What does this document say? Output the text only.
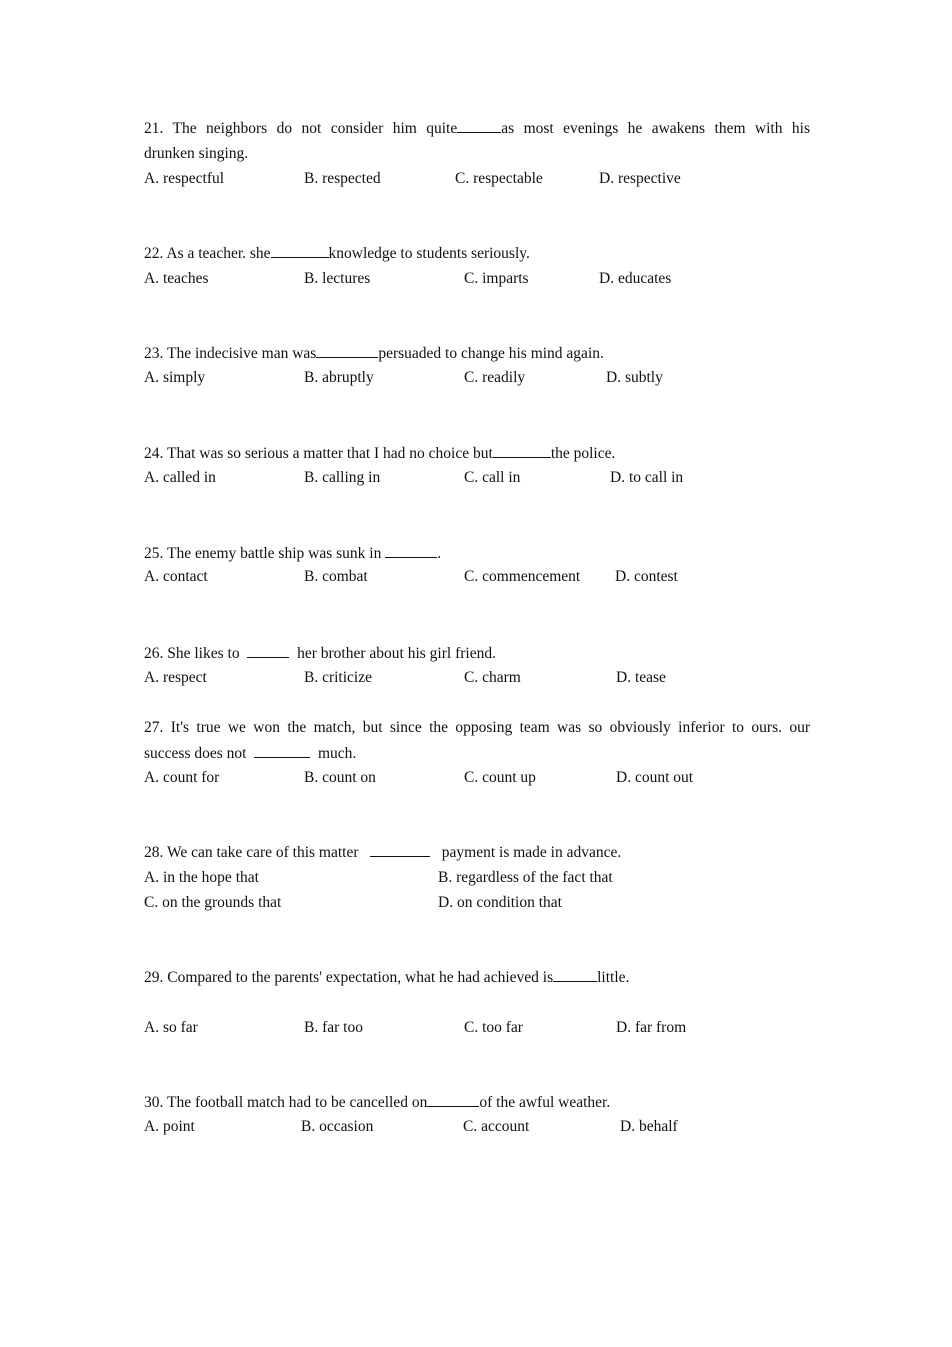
21. The neighbors do not consider him quite	as most evenings he awakens them with his
drunken singing.
A. respectful	B. respected	C. respectable	D. respective
22. As a teacher. she	knowledge to students seriously.
A. teaches	B. lectures	C. imparts	D. educates
23. The indecisive man was	persuaded to change his mind again.
A. simply	B. abruptly	C. readily	D. subtly
24. That was so serious a matter that I had no choice but	the police.
A. called in	B. calling in	C. call in	D. to call in
25. The enemy battle ship was sunk in	.
A. contact	B. combat	C. commencement D. contest
26. She likes to	her brother about his girl friend.
A. respect	B. criticize	C. charm	D. tease
27. It's true we won the match, but since the opposing team was so obviously inferior to ours. our
success does not	much.
A. count for	B. count on	C. count up	D. count out
28. We can take care of this matter	payment is made in advance.
A. in the hope that	B. regardless of the fact that
C. on the grounds that	D. on condition that
29. Compared to the parents' expectation, what he had achieved is	little.
A. so far	B. far too	C. too far	D. far from
30. The football match had to be cancelled on	of the awful weather.
A. point	B. occasion	C. account	D. behalf
